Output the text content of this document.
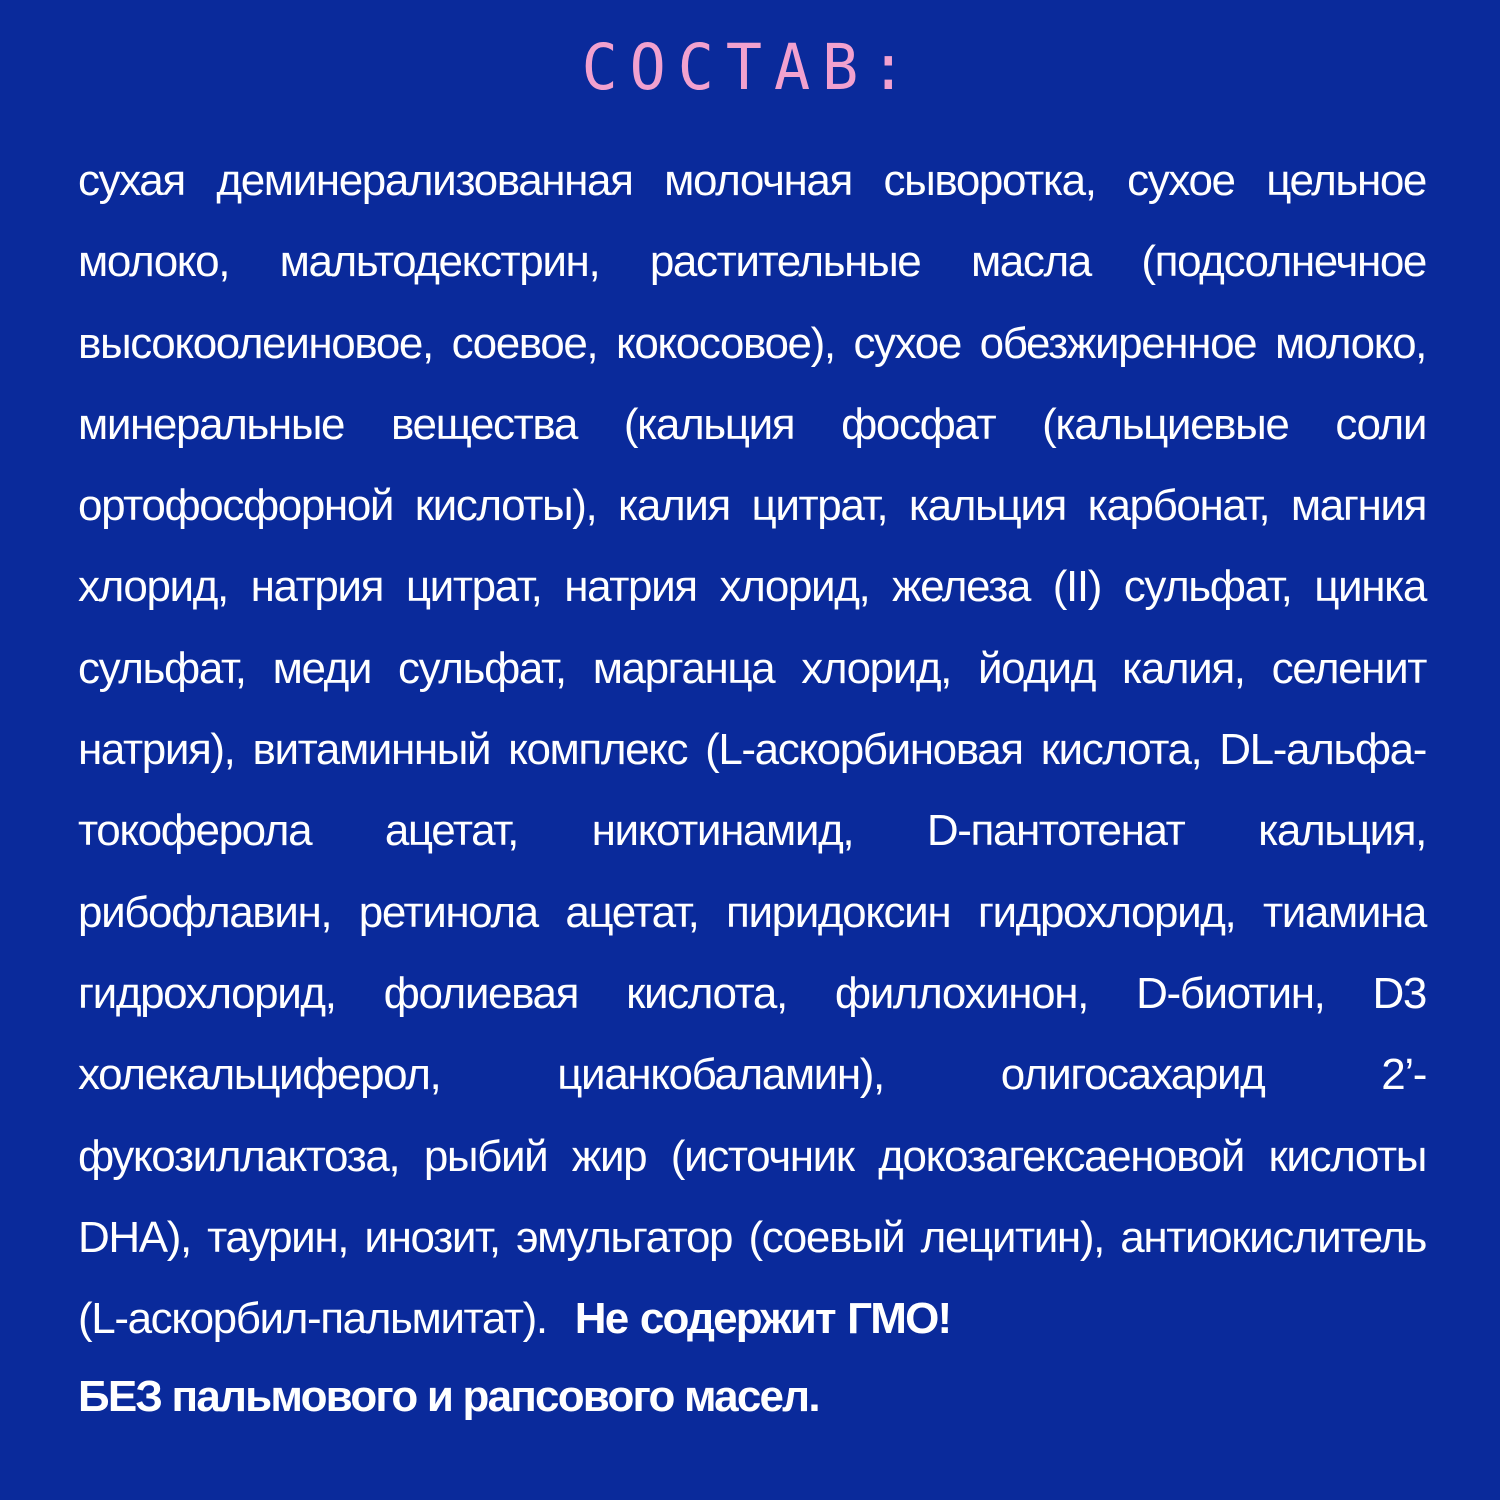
СОСТАВ:
сухая деминерализованная молочная сыворотка, сухое цельное молоко, мальтодекстрин, растительные масла (подсолнечное высокоолеиновое, соевое, кокосовое), сухое обезжиренное молоко, минеральные вещества (кальция фосфат (кальциевые соли ортофосфорной кислоты), калия цитрат, кальция карбонат, магния хлорид, натрия цитрат, натрия хлорид, железа (II) сульфат, цинка сульфат, меди сульфат, марганца хлорид, йодид калия, селенит натрия), витаминный комплекс (L-аскорбиновая кислота, DL-альфа-токоферола ацетат, никотинамид, D-пантотенат кальция, рибофлавин, ретинола ацетат, пиридоксин гидрохлорид, тиамина гидрохлорид, фолиевая кислота, филлохинон, D-биотин, D3 холекальциферол, цианкобаламин), олигосахарид 2’-фукозиллактоза, рыбий жир (источник докозагексаеновой кислоты DHA), таурин, инозит, эмульгатор (соевый лецитин), антиокислитель (L-аскорбил-пальмитат). Не содержит ГМО!
БЕЗ пальмового и рапсового масел.
